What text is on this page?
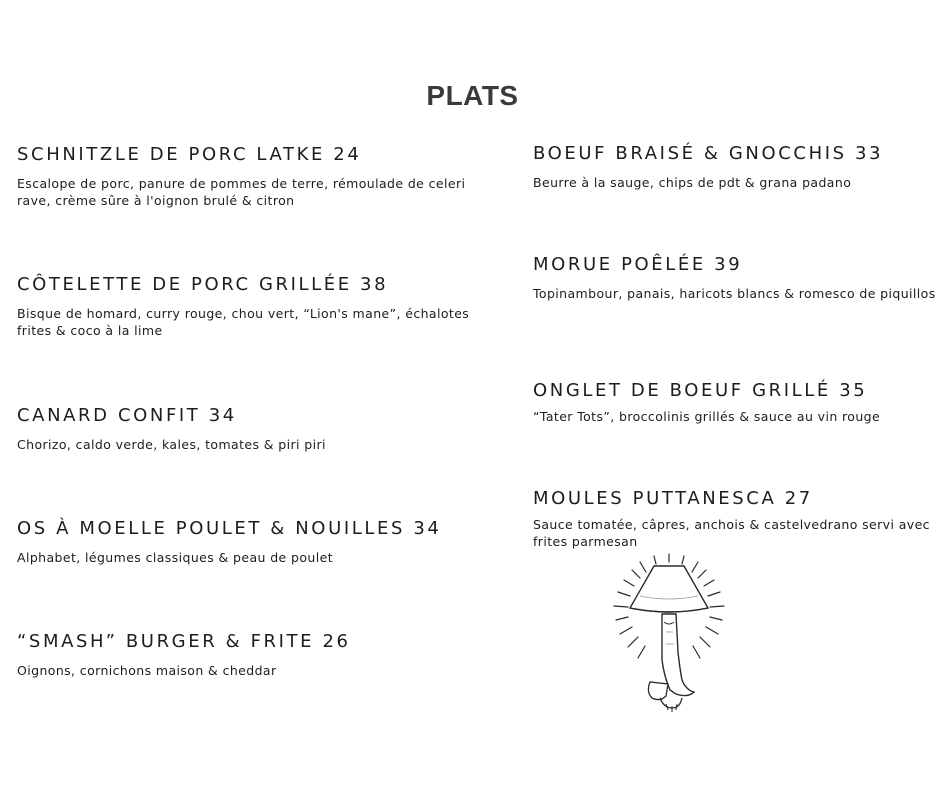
PLATS
SCHNITZLE DE PORC LATKE 24
Escalope de porc, panure de pommes de terre, rémoulade de celeri rave, crème sûre à l'oignon brulé & citron
CÔTELETTE DE PORC GRILLÉE 38
Bisque de homard, curry rouge, chou vert, “Lion's mane”, échalotes frites & coco à la lime
CANARD CONFIT 34
Chorizo, caldo verde, kales, tomates & piri piri
OS À MOELLE POULET & NOUILLES 34
Alphabet, légumes classiques & peau de poulet
“SMASH” BURGER & FRITE 26
Oignons, cornichons maison & cheddar
BOEUF BRAISÉ & GNOCCHIS 33
Beurre à la sauge, chips de pdt & grana padano
MORUE POÊLÉE 39
Topinambour, panais, haricots blancs & romesco de piquillos
ONGLET DE BOEUF GRILLÉ 35
“Tater Tots”, broccolinis grillés & sauce au vin rouge
MOULES PUTTANESCA 27
Sauce tomatée, câpres, anchois & castelvedrano servi avec frites parmesan
